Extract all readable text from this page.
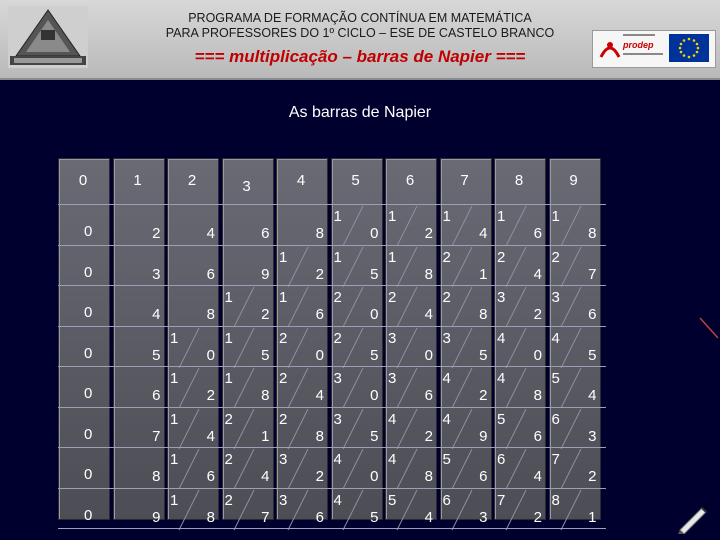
PROGRAMA DE FORMAÇÃO CONTÍNUA EM MATEMÁTICA
PARA PROFESSORES DO 1º CICLO – ESE DE CASTELO BRANCO
=== multiplicação – barras de Napier ===
prodep
As barras de Napier
0
0
0
0
0
0
0
0
0
1
2
3
4
5
6
7
8
9
2
4
6
8
1
0
1
2
1
4
1
6
1
8
3
6
9
1
2
1
5
1
8
2
1
2
4
2
7
4
8
1
2
1
6
2
0
2
4
2
8
3
2
3
6
5
1
0
1
5
2
0
2
5
3
0
3
5
4
0
4
5
6
1
2
1
8
2
4
3
0
3
6
4
2
4
8
5
4
7
1
4
2
1
2
8
3
5
4
2
4
9
5
6
6
3
8
1
6
2
4
3
2
4
0
4
8
5
6
6
4
7
2
9
1
8
2
7
3
6
4
5
5
4
6
3
7
2
8
1
